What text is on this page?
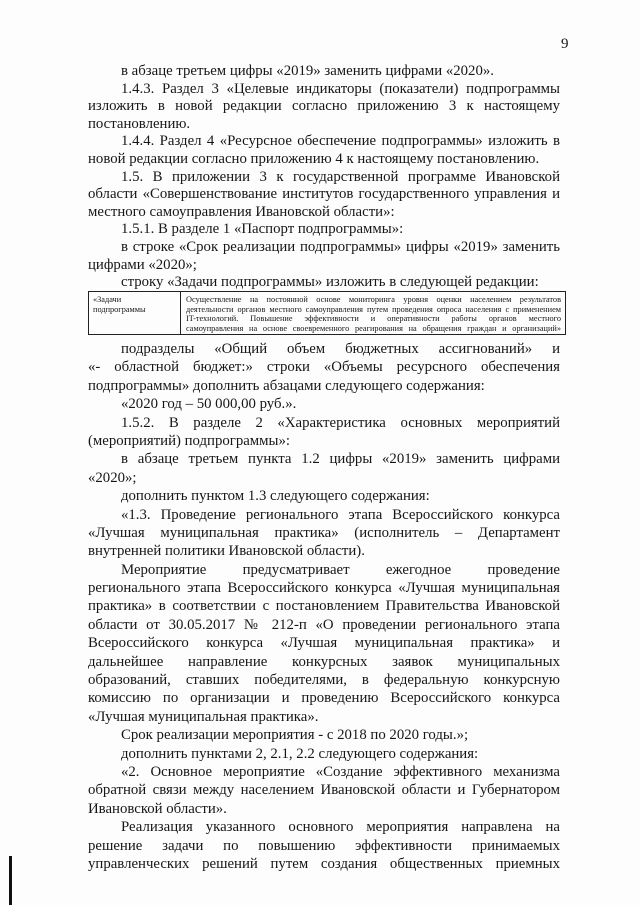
9
в абзаце третьем цифры «2019» заменить цифрами «2020».
1.4.3. Раздел 3 «Целевые индикаторы (показатели) подпрограммы
изложить в новой редакции согласно приложению 3 к настоящему
постановлению.
1.4.4. Раздел 4 «Ресурсное обеспечение подпрограммы» изложить в
новой редакции согласно приложению 4 к настоящему постановлению.
1.5. В приложении 3 к государственной программе Ивановской
области «Совершенствование институтов государственного управления и
местного самоуправления Ивановской области»:
1.5.1. В разделе 1 «Паспорт подпрограммы»:
в строке «Срок реализации подпрограммы» цифры «2019» заменить
цифрами «2020»;
строку «Задачи подпрограммы» изложить в следующей редакции:
«Задачи
подпрограммы
Осуществление на постоянной основе мониторинга уровня оценки населением результатов
деятельности органов местного самоуправления путем проведения опроса населения с применением
IT-технологий. Повышение эффективности и оперативности работы органов местного
самоуправления на основе своевременного реагирования на обращения граждан и организаций»
подразделы «Общий объем бюджетных ассигнований» и
«- областной бюджет:» строки «Объемы ресурсного обеспечения
подпрограммы» дополнить абзацами следующего содержания:
«2020 год – 50 000,00 руб.».
1.5.2. В разделе 2 «Характеристика основных мероприятий
(мероприятий) подпрограммы»:
в абзаце третьем пункта 1.2 цифры «2019» заменить цифрами
«2020»;
дополнить пунктом 1.3 следующего содержания:
«1.3. Проведение регионального этапа Всероссийского конкурса
«Лучшая муниципальная практика» (исполнитель – Департамент
внутренней политики Ивановской области).
Мероприятие предусматривает ежегодное проведение
регионального этапа Всероссийского конкурса «Лучшая муниципальная
практика» в соответствии с постановлением Правительства Ивановской
области от 30.05.2017 № 212-п «О проведении регионального этапа
Всероссийского конкурса «Лучшая муниципальная практика» и
дальнейшее направление конкурсных заявок муниципальных
образований, ставших победителями, в федеральную конкурсную
комиссию по организации и проведению Всероссийского конкурса
«Лучшая муниципальная практика».
Срок реализации мероприятия - с 2018 по 2020 годы.»;
дополнить пунктами 2, 2.1, 2.2 следующего содержания:
«2. Основное мероприятие «Создание эффективного механизма
обратной связи между населением Ивановской области и Губернатором
Ивановской области».
Реализация указанного основного мероприятия направлена на
решение задачи по повышению эффективности принимаемых
управленческих решений путем создания общественных приемных
